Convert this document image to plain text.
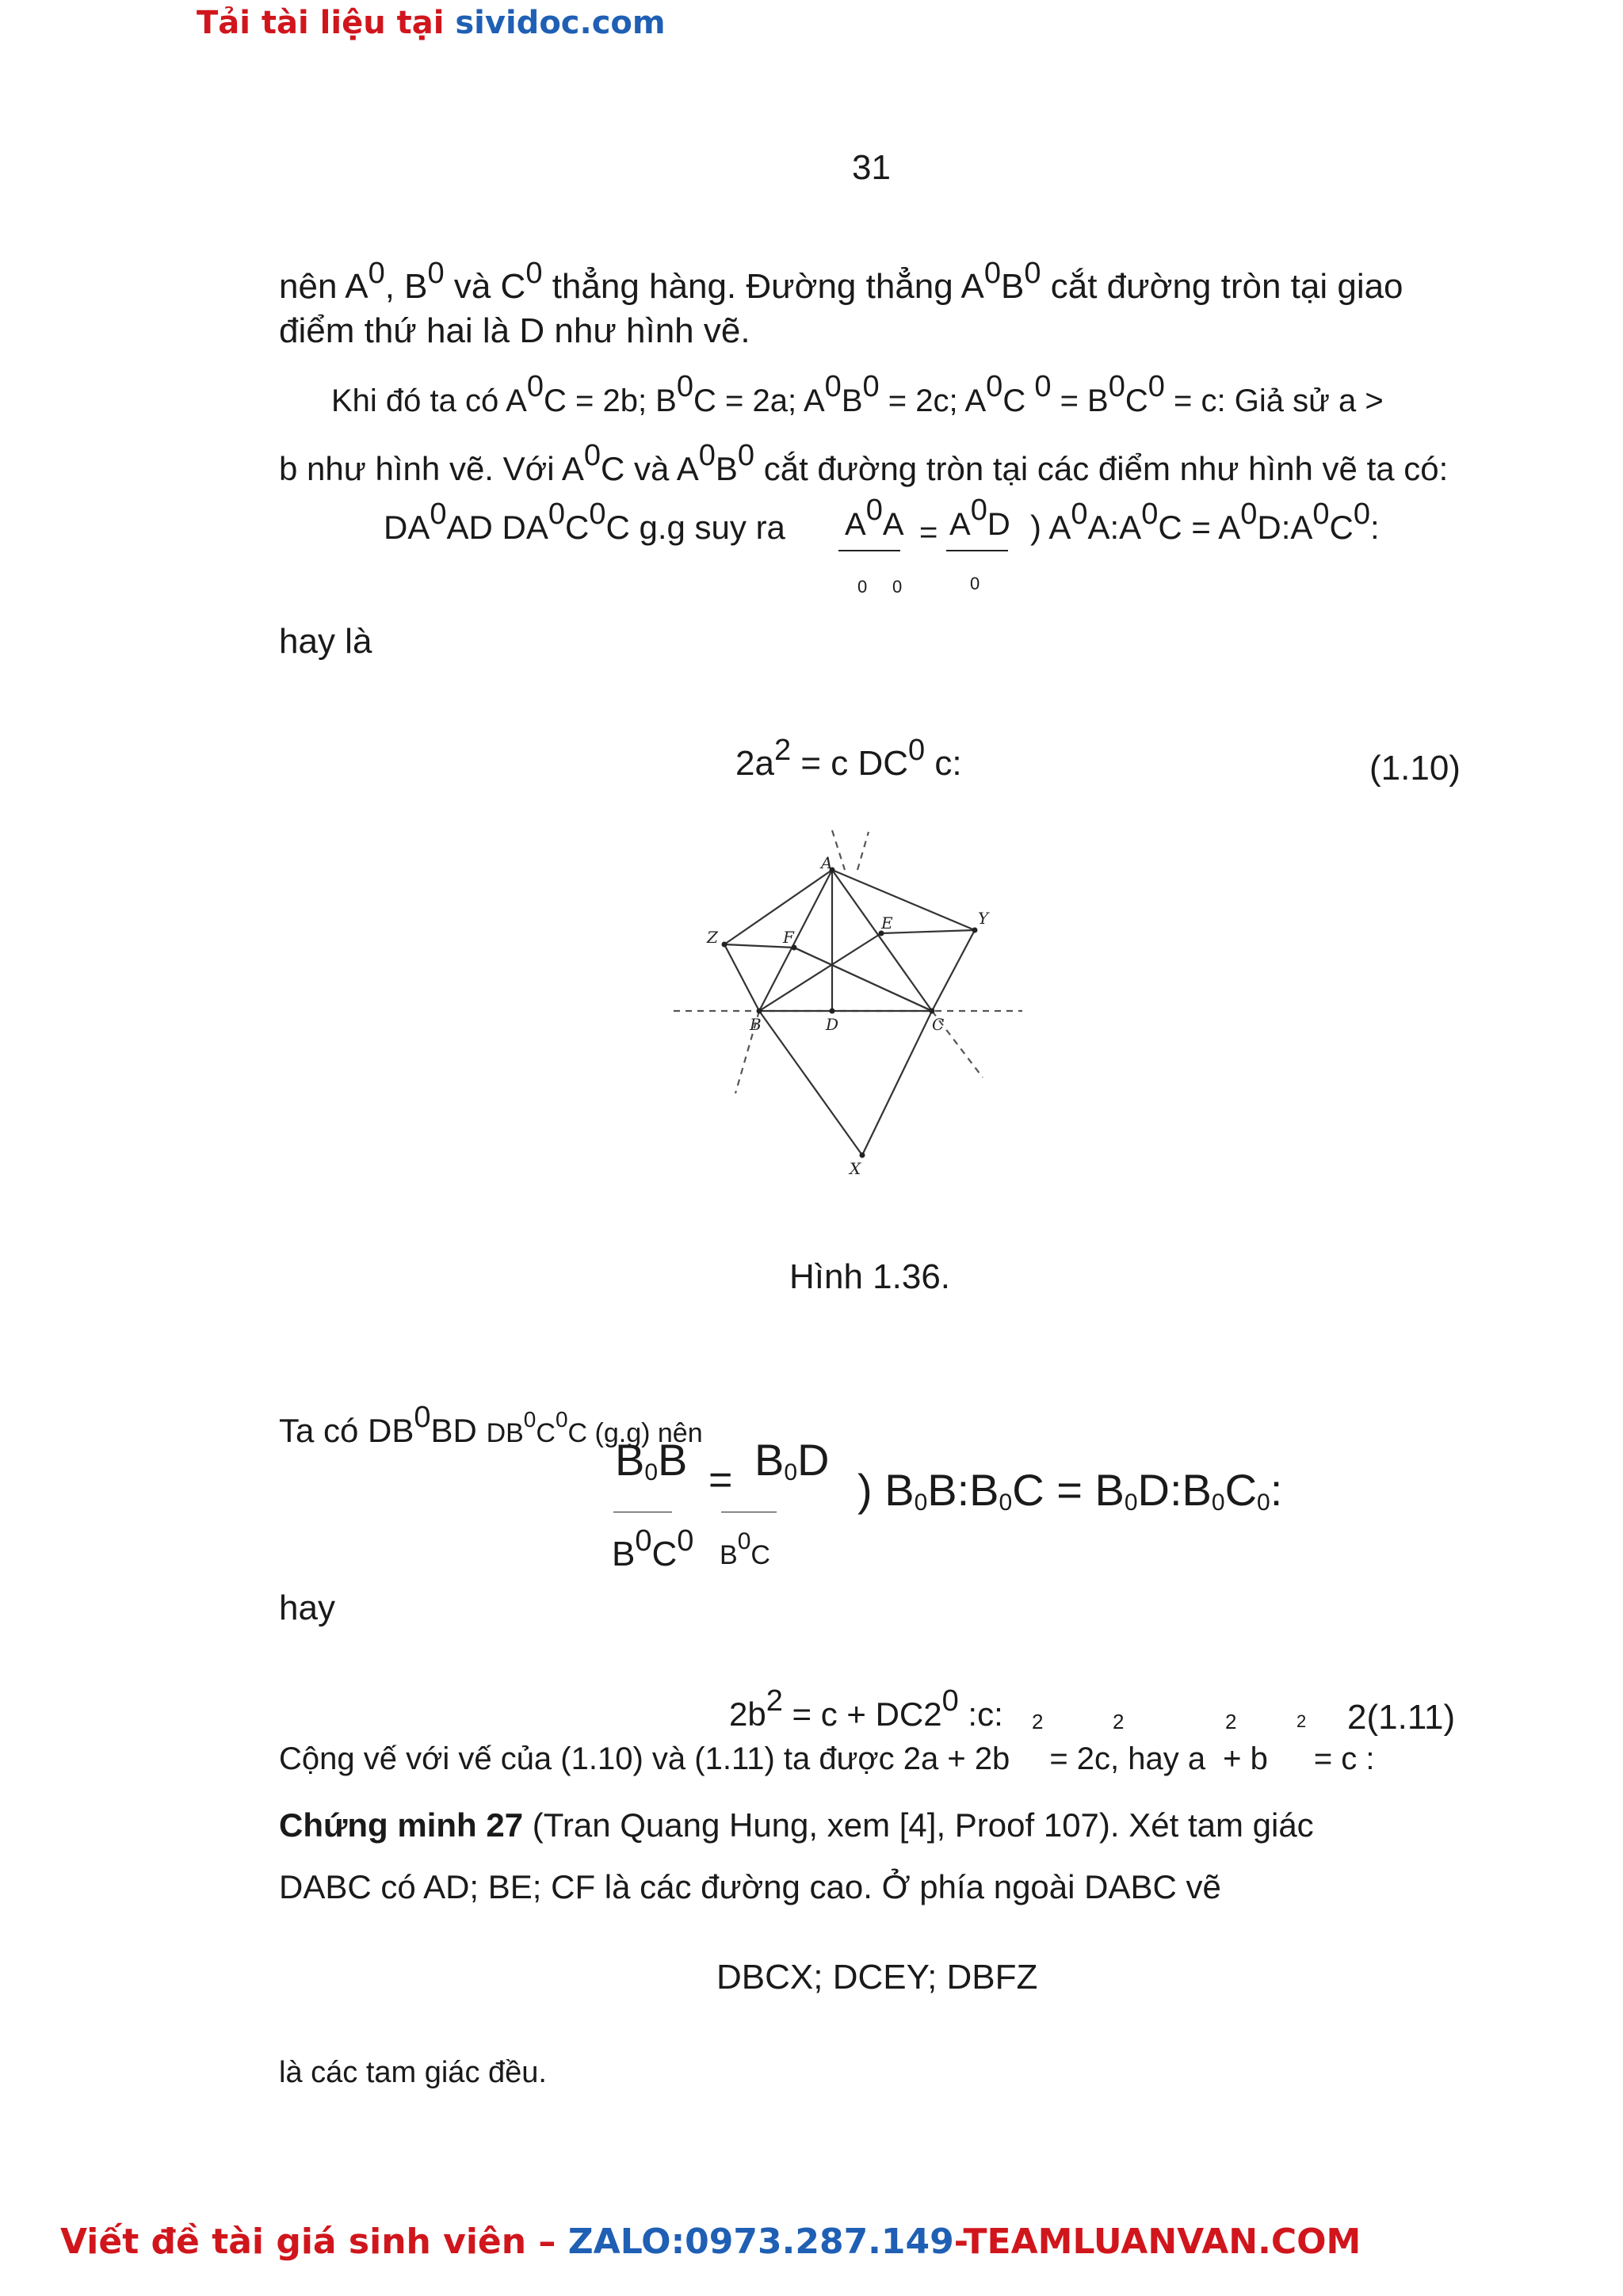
Tải tài liệu tại sividoc.com
31
nên $A^0$, $B^0$ và $C^0$ thẳng hàng. Đường thẳng $A^0B^0$ cắt đường tròn tại giao
điểm thứ hai là D như hình vẽ.
Khi đó ta có $A^0C = 2b$; $B^0C = 2a$; $A^0B^0 = 2c$; $A^0C$ $^0 = B^0C^0 = c$: Giả sử a >
b như hình vẽ. Với $A^0C$ và $A^0B^0$ cắt đường tròn tại các điểm như hình vẽ ta có:
$DA^0AD$ $DA^0C^0C$ g.g suy ra $A^0A = A^0D$ ) $A^0A:A^0C$ = $A^0D:A^0C^0$:
0 0	0
hay là
$2a^2 = c$ $DC^0$ c:	(1.10)
A
Z	F
E	Y
B	D	C
X
Hình 1.36.
Ta có $DB^0BD$ $DB^0C^0C$ (g.g) nên
$B_0B = B_0D$
$B^0C^0$ $B^0C$
) $B_0B:B_0C$ = $B_0D:B_0C_0$:
hay
$2b^2 = c + DC2^0$ :c: 2	2	2	2 2(1.11)
Cộng vế với vế của (1.10) và (1.11) ta được 2a + 2b = 2c, hay a + b = c :
Chứng minh 27 (Tran Quang Hung, xem [4], Proof 107). Xét tam giác
DABC có AD; BE; CF là các đường cao. Ở phía ngoài DABC vẽ
DBCX; DCEY; DBFZ
là các tam giác đều.
Viết đề tài giá sinh viên – ZALO:0973.287.149-TEAMLUANVAN.COM
